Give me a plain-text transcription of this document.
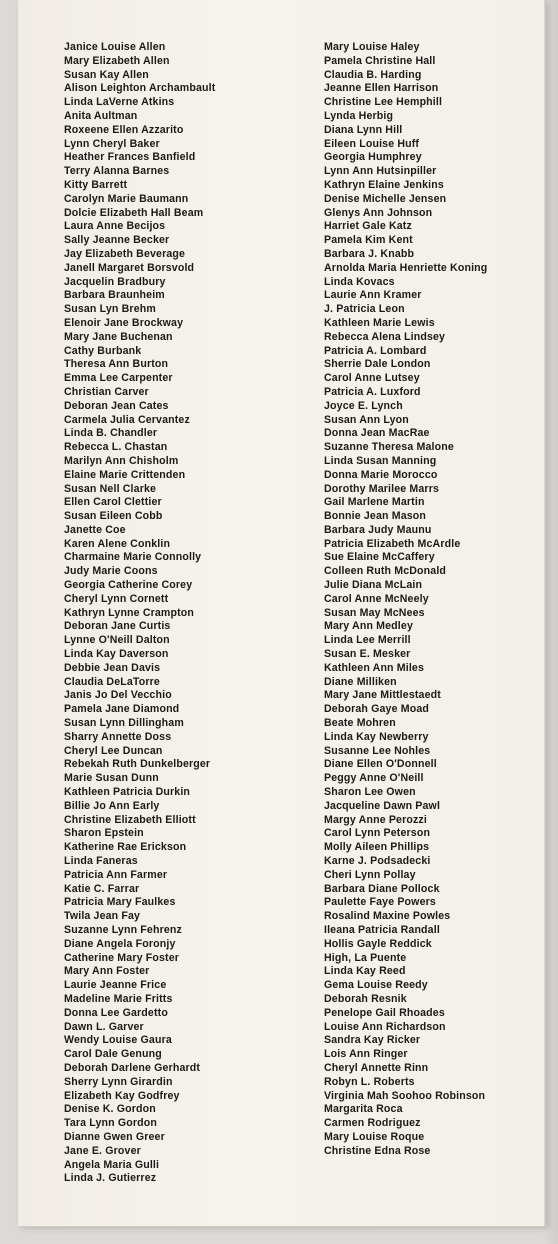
Janice Louise Allen
Mary Elizabeth Allen
Susan Kay Allen
Alison Leighton Archambault
Linda LaVerne Atkins
Anita Aultman
Roxeene Ellen Azzarito
Lynn Cheryl Baker
Heather Frances Banfield
Terry Alanna Barnes
Kitty Barrett
Carolyn Marie Baumann
Dolcie Elizabeth Hall Beam
Laura Anne Becijos
Sally Jeanne Becker
Jay Elizabeth Beverage
Janell Margaret Borsvold
Jacquelin Bradbury
Barbara Braunheim
Susan Lyn Brehm
Elenoir Jane Brockway
Mary Jane Buchenan
Cathy Burbank
Theresa Ann Burton
Emma Lee Carpenter
Christian Carver
Deboran Jean Cates
Carmela Julia Cervantez
Linda B. Chandler
Rebecca L. Chastan
Marilyn Ann Chisholm
Elaine Marie Crittenden
Susan Nell Clarke
Ellen Carol Clettier
Susan Eileen Cobb
Janette Coe
Karen Alene Conklin
Charmaine Marie Connolly
Judy Marie Coons
Georgia Catherine Corey
Cheryl Lynn Cornett
Kathryn Lynne Crampton
Deboran Jane Curtis
Lynne O'Neill Dalton
Linda Kay Daverson
Debbie Jean Davis
Claudia DeLaTorre
Janis Jo Del Vecchio
Pamela Jane Diamond
Susan Lynn Dillingham
Sharry Annette Doss
Cheryl Lee Duncan
Rebekah Ruth Dunkelberger
Marie Susan Dunn
Kathleen Patricia Durkin
Billie Jo Ann Early
Christine Elizabeth Elliott
Sharon Epstein
Katherine Rae Erickson
Linda Faneras
Patricia Ann Farmer
Katie C. Farrar
Patricia Mary Faulkes
Twila Jean Fay
Suzanne Lynn Fehrenz
Diane Angela Foronjy
Catherine Mary Foster
Mary Ann Foster
Laurie Jeanne Frice
Madeline Marie Fritts
Donna Lee Gardetto
Dawn L. Garver
Wendy Louise Gaura
Carol Dale Genung
Deborah Darlene Gerhardt
Sherry Lynn Girardin
Elizabeth Kay Godfrey
Denise K. Gordon
Tara Lynn Gordon
Dianne Gwen Greer
Jane E. Grover
Angela Maria Gulli
Linda J. Gutierrez
Mary Louise Haley
Pamela Christine Hall
Claudia B. Harding
Jeanne Ellen Harrison
Christine Lee Hemphill
Lynda Herbig
Diana Lynn Hill
Eileen Louise Huff
Georgia Humphrey
Lynn Ann Hutsinpiller
Kathryn Elaine Jenkins
Denise Michelle Jensen
Glenys Ann Johnson
Harriet Gale Katz
Pamela Kim Kent
Barbara J. Knabb
Arnolda Maria Henriette Koning
Linda Kovacs
Laurie Ann Kramer
J. Patricia Leon
Kathleen Marie Lewis
Rebecca Alena Lindsey
Patricia A. Lombard
Sherrie Dale London
Carol Anne Lutsey
Patricia A. Luxford
Joyce E. Lynch
Susan Ann Lyon
Donna Jean MacRae
Suzanne Theresa Malone
Linda Susan Manning
Donna Marie Morocco
Dorothy Marilee Marrs
Gail Marlene Martin
Bonnie Jean Mason
Barbara Judy Maunu
Patricia Elizabeth McArdle
Sue Elaine McCaffery
Colleen Ruth McDonald
Julie Diana McLain
Carol Anne McNeely
Susan May McNees
Mary Ann Medley
Linda Lee Merrill
Susan E. Mesker
Kathleen Ann Miles
Diane Milliken
Mary Jane Mittlestaedt
Deborah Gaye Moad
Beate Mohren
Linda Kay Newberry
Susanne Lee Nohles
Diane Ellen O'Donnell
Peggy Anne O'Neill
Sharon Lee Owen
Jacqueline Dawn Pawl
Margy Anne Perozzi
Carol Lynn Peterson
Molly Aileen Phillips
Karne J. Podsadecki
Cheri Lynn Pollay
Barbara Diane Pollock
Paulette Faye Powers
Rosalind Maxine Powles
Ileana Patricia Randall
Hollis Gayle Reddick
High, La Puente
Linda Kay Reed
Gema Louise Reedy
Deborah Resnik
Penelope Gail Rhoades
Louise Ann Richardson
Sandra Kay Ricker
Lois Ann Ringer
Cheryl Annette Rinn
Robyn L. Roberts
Virginia Mah Soohoo Robinson
Margarita Roca
Carmen Rodriguez
Mary Louise Roque
Christine Edna Rose
